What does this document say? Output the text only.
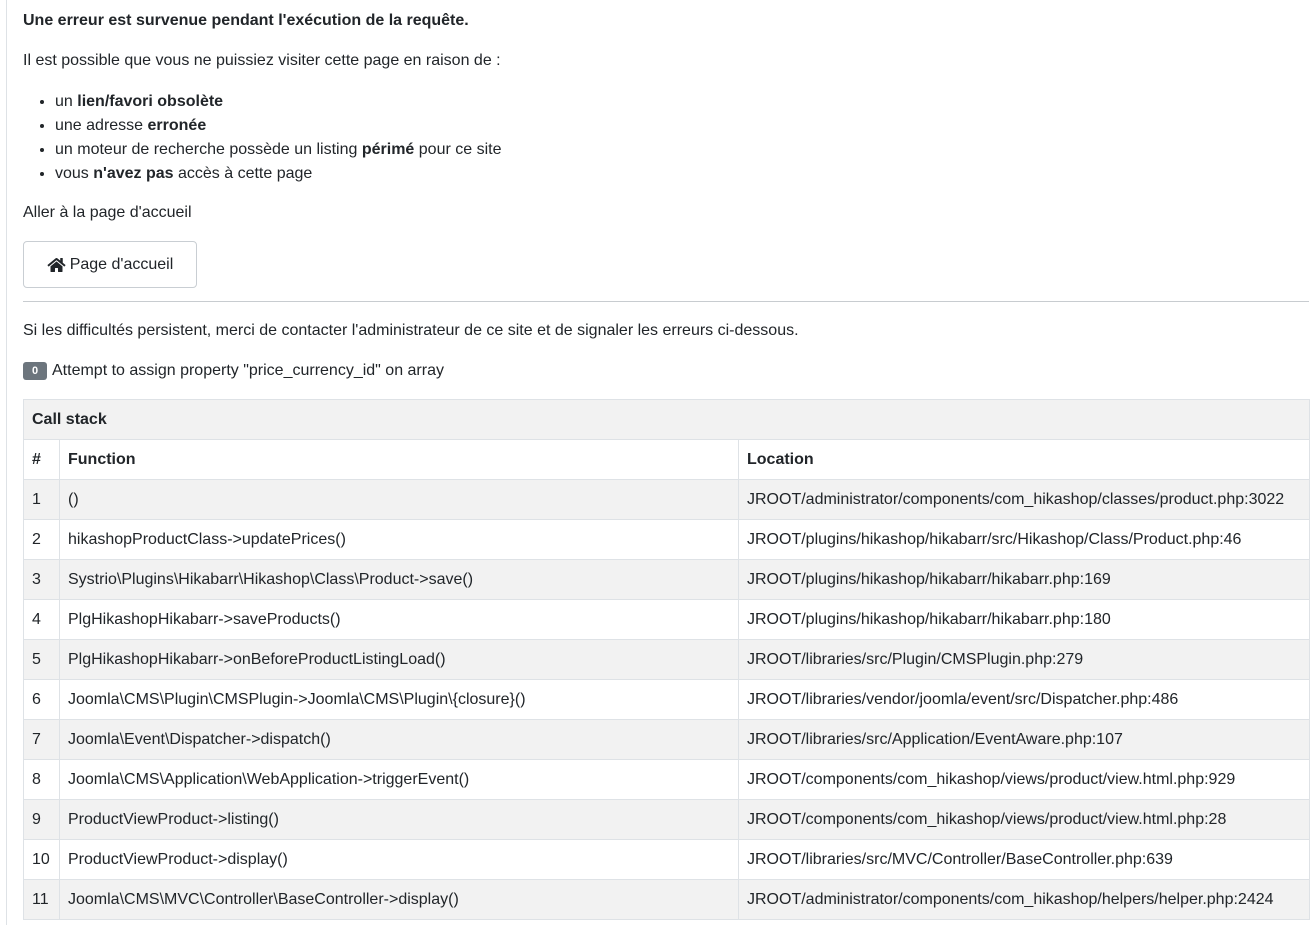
Une erreur est survenue pendant l'exécution de la requête.
Il est possible que vous ne puissiez visiter cette page en raison de :
• un lien/favori obsolète
• une adresse erronée
• un moteur de recherche possède un listing périmé pour ce site
• vous n'avez pas accès à cette page
Aller à la page d'accueil
Page d'accueil
Si les difficultés persistent, merci de contacter l'administrateur de ce site et de signaler les erreurs ci-dessous.
0 Attempt to assign property "price_currency_id" on array
Call stack		
#	Function	Location
1	()	JROOT/administrator/components/com_hikashop/classes/product.php:3022
2	hikashopProductClass->updatePrices()	JROOT/plugins/hikashop/hikabarr/src/Hikashop/Class/Product.php:46
3	Systrio\Plugins\Hikabarr\Hikashop\Class\Product->save()	JROOT/plugins/hikashop/hikabarr/hikabarr.php:169
4	PlgHikashopHikabarr->saveProducts()	JROOT/plugins/hikashop/hikabarr/hikabarr.php:180
5	PlgHikashopHikabarr->onBeforeProductListingLoad()	JROOT/libraries/src/Plugin/CMSPlugin.php:279
6	Joomla\CMS\Plugin\CMSPlugin->Joomla\CMS\Plugin\{closure}()	JROOT/libraries/vendor/joomla/event/src/Dispatcher.php:486
7	Joomla\Event\Dispatcher->dispatch()	JROOT/libraries/src/Application/EventAware.php:107
8	Joomla\CMS\Application\WebApplication->triggerEvent()	JROOT/components/com_hikashop/views/product/view.html.php:929
9	ProductViewProduct->listing()	JROOT/components/com_hikashop/views/product/view.html.php:28
10	ProductViewProduct->display()	JROOT/libraries/src/MVC/Controller/BaseController.php:639
11	Joomla\CMS\MVC\Controller\BaseController->display()	JROOT/administrator/components/com_hikashop/helpers/helper.php:2424
